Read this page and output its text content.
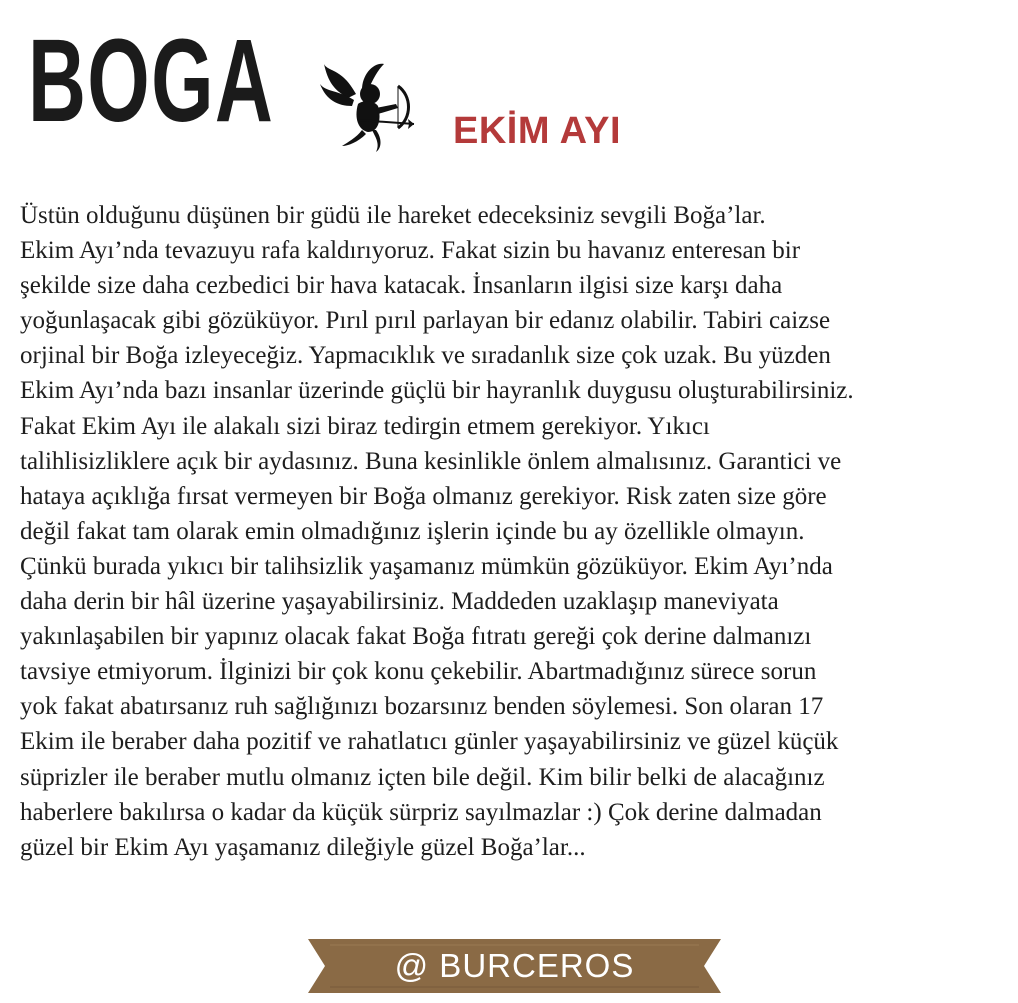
BOGA	EKİM AYI
Üstün olduğunu düşünen bir güdü ile hareket edeceksiniz sevgili Boğa’lar.
Ekim Ayı’nda tevazuyu rafa kaldırıyoruz. Fakat sizin bu havanız enteresan bir
şekilde size daha cezbedici bir hava katacak. İnsanların ilgisi size karşı daha
yoğunlaşacak gibi gözüküyor. Pırıl pırıl parlayan bir edanız olabilir. Tabiri caizse
orjinal bir Boğa izleyeceğiz. Yapmacıklık ve sıradanlık size çok uzak. Bu yüzden
Ekim Ayı’nda bazı insanlar üzerinde güçlü bir hayranlık duygusu oluşturabilirsiniz.
Fakat Ekim Ayı ile alakalı sizi biraz tedirgin etmem gerekiyor. Yıkıcı
talihlisizliklere açık bir aydasınız. Buna kesinlikle önlem almalısınız. Garantici ve
hataya açıklığa fırsat vermeyen bir Boğa olmanız gerekiyor. Risk zaten size göre
değil fakat tam olarak emin olmadığınız işlerin içinde bu ay özellikle olmayın.
Çünkü burada yıkıcı bir talihsizlik yaşamanız mümkün gözüküyor. Ekim Ayı’nda
daha derin bir hâl üzerine yaşayabilirsiniz. Maddeden uzaklaşıp maneviyata
yakınlaşabilen bir yapınız olacak fakat Boğa fıtratı gereği çok derine dalmanızı
tavsiye etmiyorum. İlginizi bir çok konu çekebilir. Abartmadığınız sürece sorun
yok fakat abatırsanız ruh sağlığınızı bozarsınız benden söylemesi. Son olaran 17
Ekim ile beraber daha pozitif ve rahatlatıcı günler yaşayabilirsiniz ve güzel küçük
süprizler ile beraber mutlu olmanız içten bile değil. Kim bilir belki de alacağınız
haberlere bakılırsa o kadar da küçük sürpriz sayılmazlar :) Çok derine dalmadan
güzel bir Ekim Ayı yaşamanız dileğiyle güzel Boğa’lar...
@ BURCEROS
